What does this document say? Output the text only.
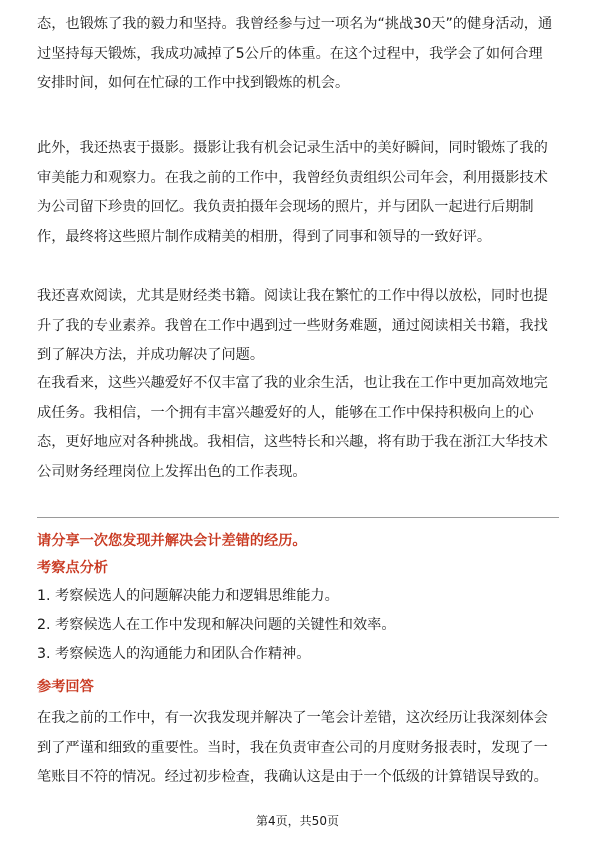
态，也锻炼了我的毅力和坚持。我曾经参与过一项名为“挑战30天”的健身活动，通
过坚持每天锻炼，我成功减掉了5公斤的体重。在这个过程中，我学会了如何合理
安排时间，如何在忙碌的工作中找到锻炼的机会。
此外，我还热衷于摄影。摄影让我有机会记录生活中的美好瞬间，同时锻炼了我的
审美能力和观察力。在我之前的工作中，我曾经负责组织公司年会，利用摄影技术
为公司留下珍贵的回忆。我负责拍摄年会现场的照片，并与团队一起进行后期制
作，最终将这些照片制作成精美的相册，得到了同事和领导的一致好评。
我还喜欢阅读，尤其是财经类书籍。阅读让我在繁忙的工作中得以放松，同时也提
升了我的专业素养。我曾在工作中遇到过一些财务难题，通过阅读相关书籍，我找
到了解决方法，并成功解决了问题。
在我看来，这些兴趣爱好不仅丰富了我的业余生活，也让我在工作中更加高效地完
成任务。我相信，一个拥有丰富兴趣爱好的人，能够在工作中保持积极向上的心
态，更好地应对各种挑战。我相信，这些特长和兴趣，将有助于我在浙江大华技术
公司财务经理岗位上发挥出色的工作表现。
请分享一次您发现并解决会计差错的经历。
考察点分析
1. 考察候选人的问题解决能力和逻辑思维能力。
2. 考察候选人在工作中发现和解决问题的关键性和效率。
3. 考察候选人的沟通能力和团队合作精神。
参考回答
在我之前的工作中，有一次我发现并解决了一笔会计差错，这次经历让我深刻体会
到了严谨和细致的重要性。当时，我在负责审查公司的月度财务报表时，发现了一
笔账目不符的情况。经过初步检查，我确认这是由于一个低级的计算错误导致的。
第4页，共50页
